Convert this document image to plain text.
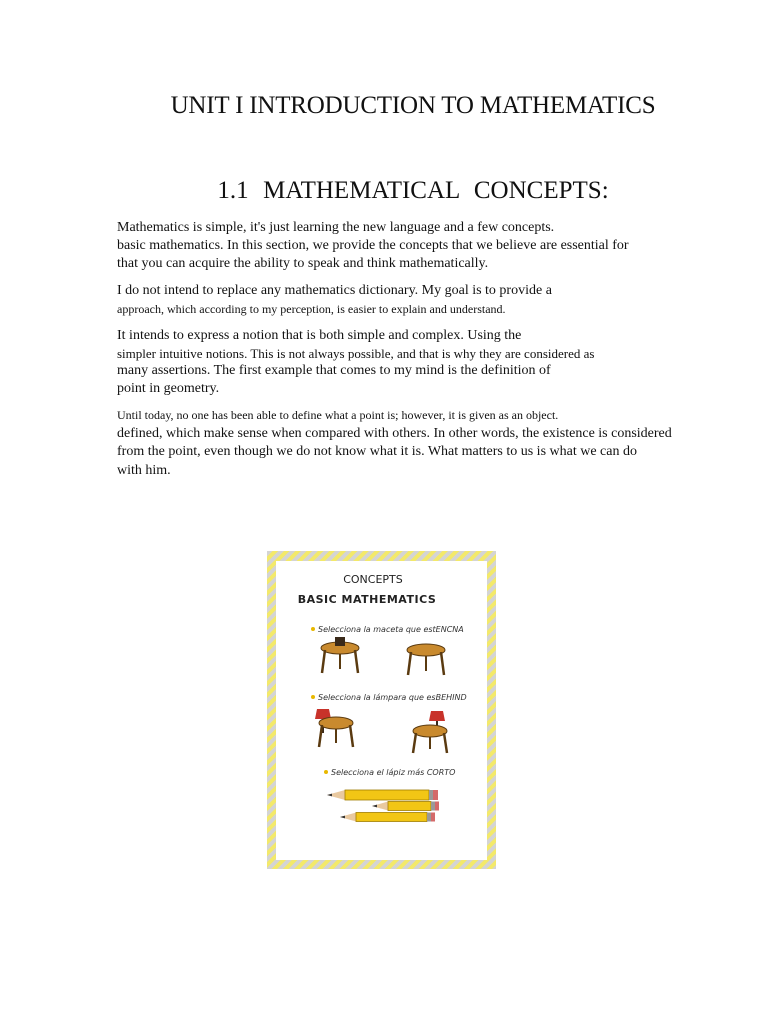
UNIT I INTRODUCTION TO MATHEMATICS
1.1  MATHEMATICAL  CONCEPTS:
Mathematics is simple, it's just learning the new language and a few concepts.
basic mathematics. In this section, we provide the concepts that we believe are essential for
that you can acquire the ability to speak and think mathematically.
I do not intend to replace any mathematics dictionary. My goal is to provide a
approach, which according to my perception, is easier to explain and understand.
It intends to express a notion that is both simple and complex. Using the
simpler intuitive notions. This is not always possible, and that is why they are considered as
many assertions. The first example that comes to my mind is the definition of
point in geometry.
Until today, no one has been able to define what a point is; however, it is given as an object.
defined, which make sense when compared with others. In other words, the existence is considered
from the point, even though we do not know what it is. What matters to us is what we can do
with him.
CONCEPTS
BASIC MATHEMATICS
Selecciona la maceta que estENCNA
Selecciona la lámpara que esBEHIND
Selecciona el lápiz más CORTO
